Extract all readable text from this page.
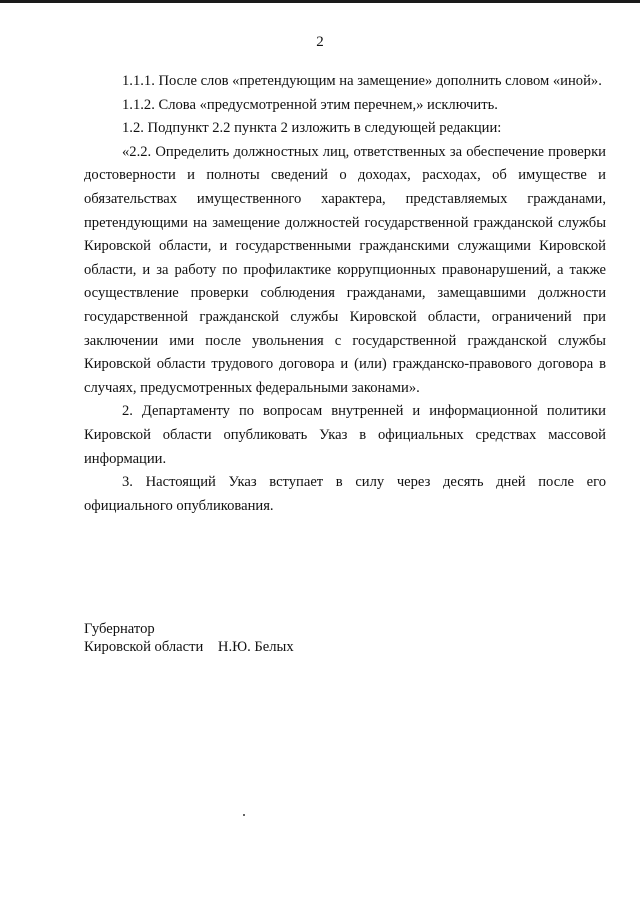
2

1.1.1. После слов «претендующим на замещение» дополнить словом «иной».

1.1.2. Слова «предусмотренной этим перечнем,» исключить.

1.2. Подпункт 2.2 пункта 2 изложить в следующей редакции:

«2.2. Определить должностных лиц, ответственных за обеспечение проверки достоверности и полноты сведений о доходах, расходах, об имуществе и обязательствах имущественного характера, представляемых гражданами, претендующими на замещение должностей государственной гражданской службы Кировской области, и государственными гражданскими служащими Кировской области, и за работу по профилактике коррупционных правонарушений, а также осуществление проверки соблюдения гражданами, замещавшими должности государственной гражданской службы Кировской области, ограничений при заключении ими после увольнения с государственной гражданской службы Кировской области трудового договора и (или) гражданско-правового договора в случаях, предусмотренных федеральными законами».

2. Департаменту по вопросам внутренней и информационной политики Кировской области опубликовать Указ в официальных средствах массовой информации.

3. Настоящий Указ вступает в силу через десять дней после его официального опубликования.

Губернатор
Кировской области Н.Ю. Белых
